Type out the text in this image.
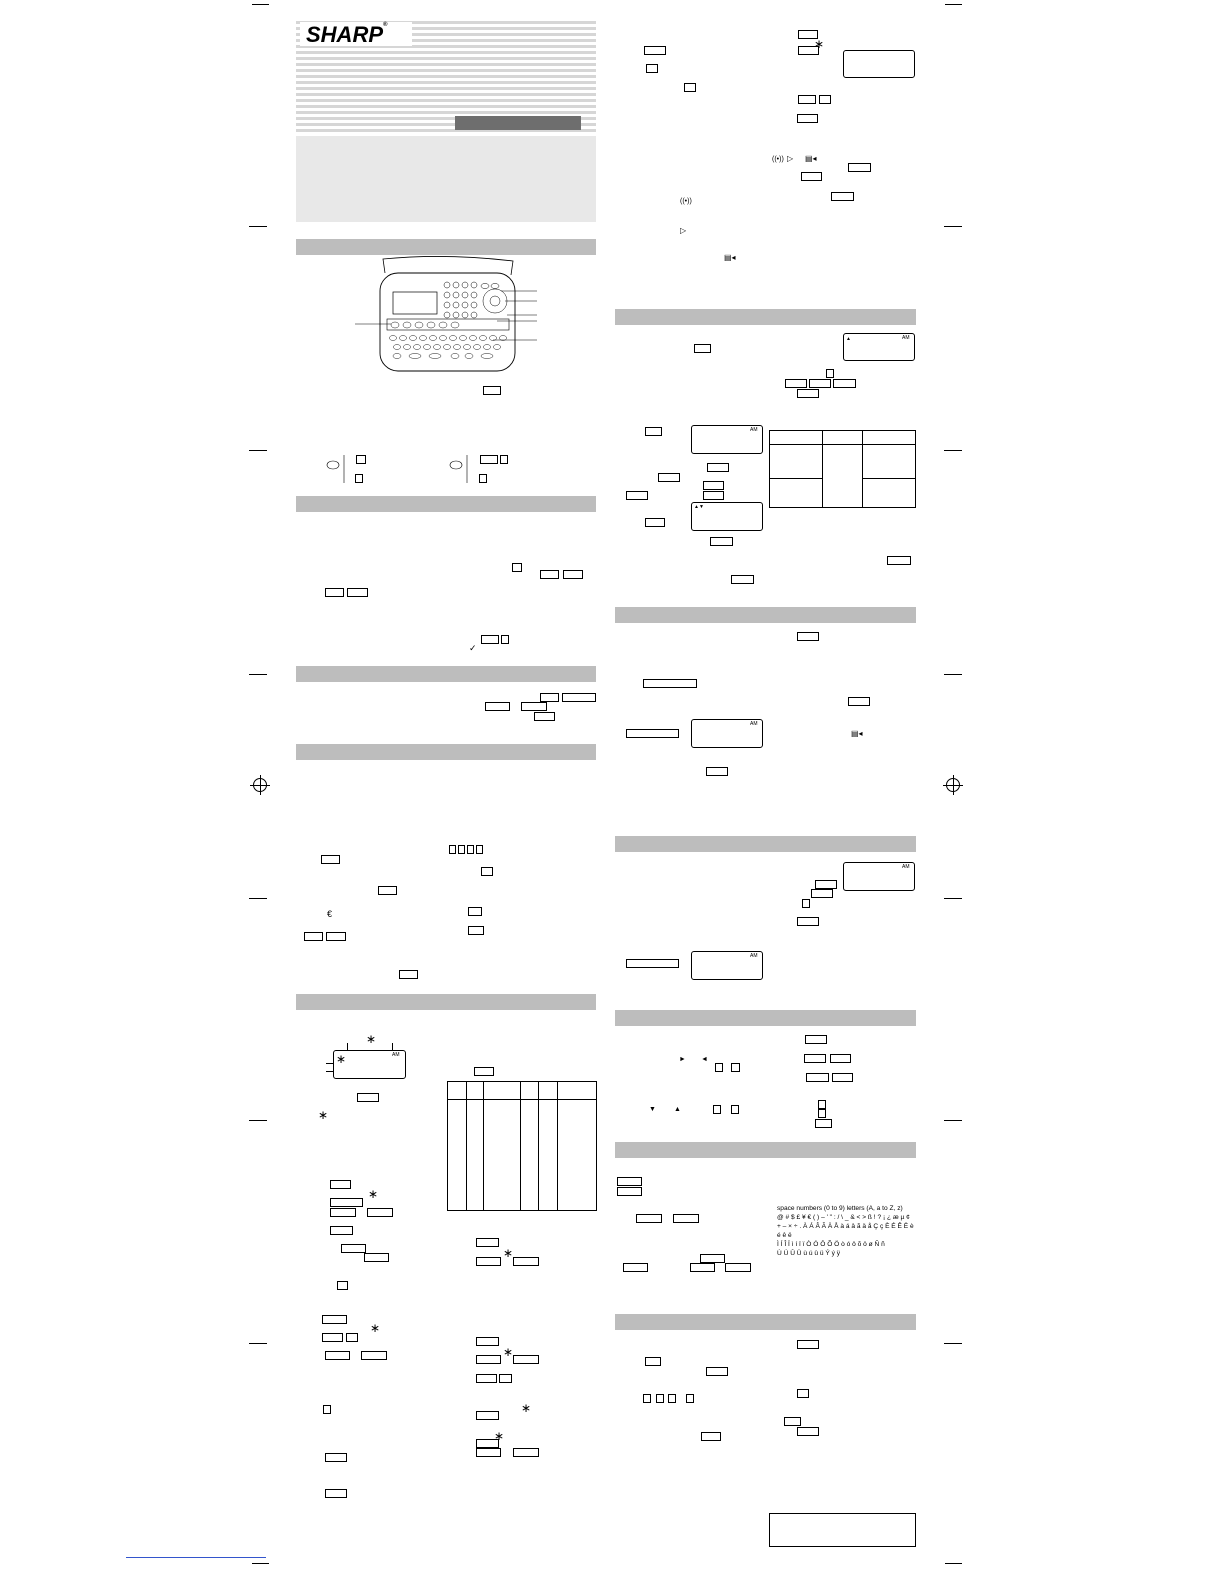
SHARP®
✓
€
AM
∗
∗
∗
∗
∗
∗
∗
∗
∗

∗
((•)) ▷ ▤◂
((•))
▷
▤◂
▤◂
► ◄
▼	▲
▲	AM
AM
▲▼
AM
AM
AM

space numbers (0 to 9) letters (A, a to Z, z)
@ # $ £ ¥ € ( ) – ' " : / \ _ & < > ß ! ? ¡ ¿ æ µ ¢
+ – × ÷ . À Á Â Ã Ä Å à á â ã ä å Ç ç È É Ê Ë è é ê ë
Ì Í Î Ï ì í î ï Ò Ó Ô Õ Ö ò ó ô õ ö ø Ñ ñ
Ù Ú Û Ü ù ú û ü Ý ý ÿ
